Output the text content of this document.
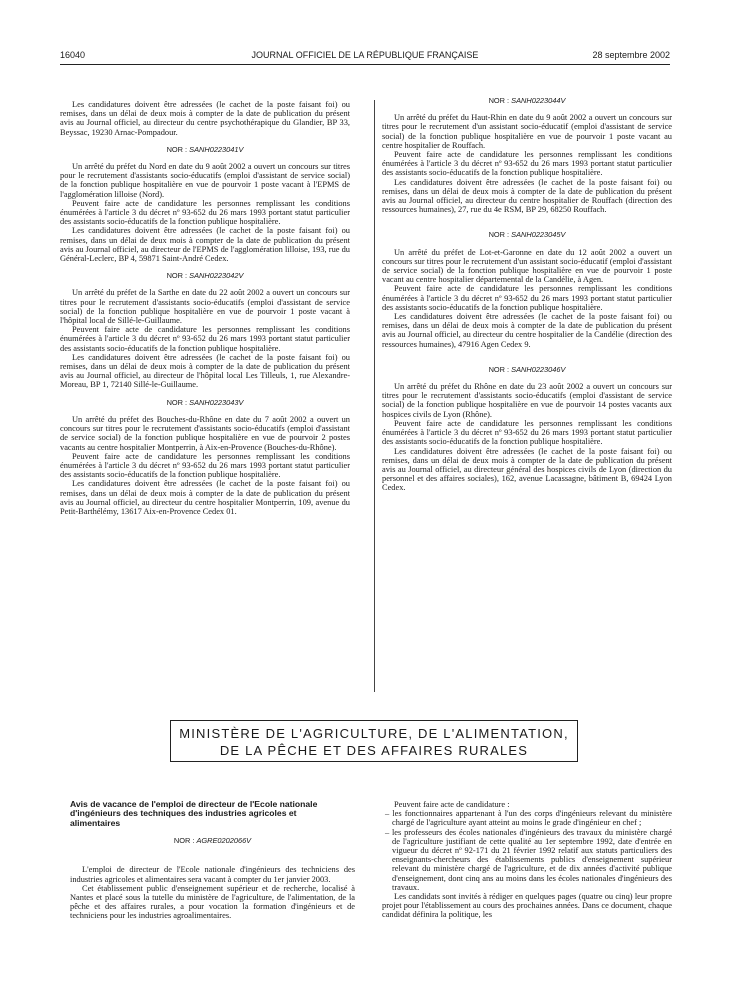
16040	JOURNAL OFFICIEL DE LA RÉPUBLIQUE FRANÇAISE	28 septembre 2002

Les candidatures doivent être adressées (le cachet de la poste faisant foi) ou remises, dans un délai de deux mois à compter de la date de publication du présent avis au Journal officiel, au directeur du centre psychothérapique du Glandier, BP 33, Beyssac, 19230 Arnac-Pompadour.

NOR : SANH0223041V

Un arrêté du préfet du Nord en date du 9 août 2002 a ouvert un concours sur titres pour le recrutement d'assistants socio-éducatifs (emploi d'assistant de service social) de la fonction publique hospitalière en vue de pourvoir 1 poste vacant à l'EPMS de l'agglomération lilloise (Nord).

Peuvent faire acte de candidature les personnes remplissant les conditions énumérées à l'article 3 du décret nº 93-652 du 26 mars 1993 portant statut particulier des assistants socio-éducatifs de la fonction publique hospitalière.

Les candidatures doivent être adressées (le cachet de la poste faisant foi) ou remises, dans un délai de deux mois à compter de la date de publication du présent avis au Journal officiel, au directeur de l'EPMS de l'agglomération lilloise, 193, rue du Général-Leclerc, BP 4, 59871 Saint-André Cedex.

NOR : SANH0223042V

Un arrêté du préfet de la Sarthe en date du 22 août 2002 a ouvert un concours sur titres pour le recrutement d'assistants socio-éducatifs (emploi d'assistant de service social) de la fonction publique hospitalière en vue de pourvoir 1 poste vacant à l'hôpital local de Sillé-le-Guillaume.

Peuvent faire acte de candidature les personnes remplissant les conditions énumérées à l'article 3 du décret nº 93-652 du 26 mars 1993 portant statut particulier des assistants socio-éducatifs de la fonction publique hospitalière.

Les candidatures doivent être adressées (le cachet de la poste faisant foi) ou remises, dans un délai de deux mois à compter de la date de publication du présent avis au Journal officiel, au directeur de l'hôpital local Les Tilleuls, 1, rue Alexandre-Moreau, BP 1, 72140 Sillé-le-Guillaume.

NOR : SANH0223043V

Un arrêté du préfet des Bouches-du-Rhône en date du 7 août 2002 a ouvert un concours sur titres pour le recrutement d'assistants socio-éducatifs (emploi d'assistant de service social) de la fonction publique hospitalière en vue de pourvoir 2 postes vacants au centre hospitalier Montperrin, à Aix-en-Provence (Bouches-du-Rhône).

Peuvent faire acte de candidature les personnes remplissant les conditions énumérées à l'article 3 du décret nº 93-652 du 26 mars 1993 portant statut particulier des assistants socio-éducatifs de la fonction publique hospitalière.

Les candidatures doivent être adressées (le cachet de la poste faisant foi) ou remises, dans un délai de deux mois à compter de la date de publication du présent avis au Journal officiel, au directeur du centre hospitalier Montperrin, 109, avenue du Petit-Barthélémy, 13617 Aix-en-Provence Cedex 01.

NOR : SANH0223044V

Un arrêté du préfet du Haut-Rhin en date du 9 août 2002 a ouvert un concours sur titres pour le recrutement d'un assistant socio-éducatif (emploi d'assistant de service social) de la fonction publique hospitalière en vue de pourvoir 1 poste vacant au centre hospitalier de Rouffach.

Peuvent faire acte de candidature les personnes remplissant les conditions énumérées à l'article 3 du décret nº 93-652 du 26 mars 1993 portant statut particulier des assistants socio-éducatifs de la fonction publique hospitalière.

Les candidatures doivent être adressées (le cachet de la poste faisant foi) ou remises, dans un délai de deux mois à compter de la date de publication du présent avis au Journal officiel, au directeur du centre hospitalier de Rouffach (direction des ressources humaines), 27, rue du 4e RSM, BP 29, 68250 Rouffach.

NOR : SANH0223045V

Un arrêté du préfet de Lot-et-Garonne en date du 12 août 2002 a ouvert un concours sur titres pour le recrutement d'un assistant socio-éducatif (emploi d'assistant de service social) de la fonction publique hospitalière en vue de pourvoir 1 poste vacant au centre hospitalier départemental de la Candélie, à Agen.

Peuvent faire acte de candidature les personnes remplissant les conditions énumérées à l'article 3 du décret nº 93-652 du 26 mars 1993 portant statut particulier des assistants socio-éducatifs de la fonction publique hospitalière.

Les candidatures doivent être adressées (le cachet de la poste faisant foi) ou remises, dans un délai de deux mois à compter de la date de publication du présent avis au Journal officiel, au directeur du centre hospitalier de la Candélie (direction des ressources humaines), 47916 Agen Cedex 9.

NOR : SANH0223046V

Un arrêté du préfet du Rhône en date du 23 août 2002 a ouvert un concours sur titres pour le recrutement d'assistants socio-éducatifs (emploi d'assistant de service social) de la fonction publique hospitalière en vue de pourvoir 14 postes vacants aux hospices civils de Lyon (Rhône).

Peuvent faire acte de candidature les personnes remplissant les conditions énumérées à l'article 3 du décret nº 93-652 du 26 mars 1993 portant statut particulier des assistants socio-éducatifs de la fonction publique hospitalière.

Les candidatures doivent être adressées (le cachet de la poste faisant foi) ou remises, dans un délai de deux mois à compter de la date de publication du présent avis au Journal officiel, au directeur général des hospices civils de Lyon (direction du personnel et des affaires sociales), 162, avenue Lacassagne, bâtiment B, 69424 Lyon Cedex.

MINISTÈRE DE L'AGRICULTURE, DE L'ALIMENTATION,
DE LA PÊCHE ET DES AFFAIRES RURALES

Avis de vacance de l'emploi de directeur de l'Ecole nationale d'ingénieurs des techniques des industries agricoles et alimentaires

NOR : AGRE0202066V

L'emploi de directeur de l'Ecole nationale d'ingénieurs des techniciens des industries agricoles et alimentaires sera vacant à compter du 1er janvier 2003.

Cet établissement public d'enseignement supérieur et de recherche, localisé à Nantes et placé sous la tutelle du ministère de l'agriculture, de l'alimentation, de la pêche et des affaires rurales, a pour vocation la formation d'ingénieurs et de techniciens pour les industries agroalimentaires.

Peuvent faire acte de candidature :

– les fonctionnaires appartenant à l'un des corps d'ingénieurs relevant du ministère chargé de l'agriculture ayant atteint au moins le grade d'ingénieur en chef ;
– les professeurs des écoles nationales d'ingénieurs des travaux du ministère chargé de l'agriculture justifiant de cette qualité au 1er septembre 1992, date d'entrée en vigueur du décret nº 92-171 du 21 février 1992 relatif aux statuts particuliers des enseignants-chercheurs des établissements publics d'enseignement supérieur relevant du ministère chargé de l'agriculture, et de dix années d'activité publique d'enseignement, dont cinq ans au moins dans les écoles nationales d'ingénieurs des travaux.

Les candidats sont invités à rédiger en quelques pages (quatre ou cinq) leur propre projet pour l'établissement au cours des prochaines années. Dans ce document, chaque candidat définira la politique, les
